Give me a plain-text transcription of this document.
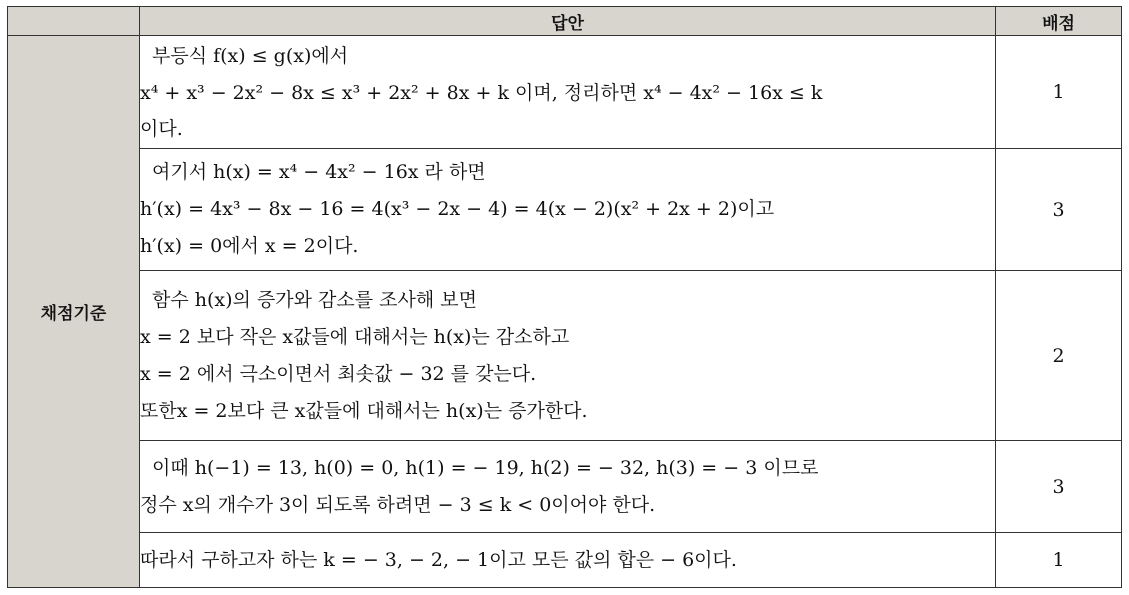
	답안	배점
채점기준	부등식 f(x) ≤ g(x)에서
x⁴ + x³ − 2x² − 8x ≤ x³ + 2x² + 8x + k 이며, 정리하면 x⁴ − 4x² − 16x ≤ k
이다.	1

	여기서 h(x) = x⁴ − 4x² − 16x 라 하면
h′(x) = 4x³ − 8x − 16 = 4(x³ − 2x − 4) = 4(x − 2)(x² + 2x + 2)이고
h′(x) = 0에서 x = 2이다.	3

	함수 h(x)의 증가와 감소를 조사해 보면
x = 2 보다 작은 x값들에 대해서는 h(x)는 감소하고
x = 2 에서 극소이면서 최솟값 − 32 를 갖는다.
또한x = 2보다 큰 x값들에 대해서는 h(x)는 증가한다.	2

	이때 h(−1) = 13, h(0) = 0, h(1) = − 19, h(2) = − 32, h(3) = − 3 이므로
정수 x의 개수가 3이 되도록 하려면 − 3 ≤ k < 0이어야 한다.	3

	따라서 구하고자 하는 k = − 3, − 2, − 1이고 모든 값의 합은 − 6이다.	1
